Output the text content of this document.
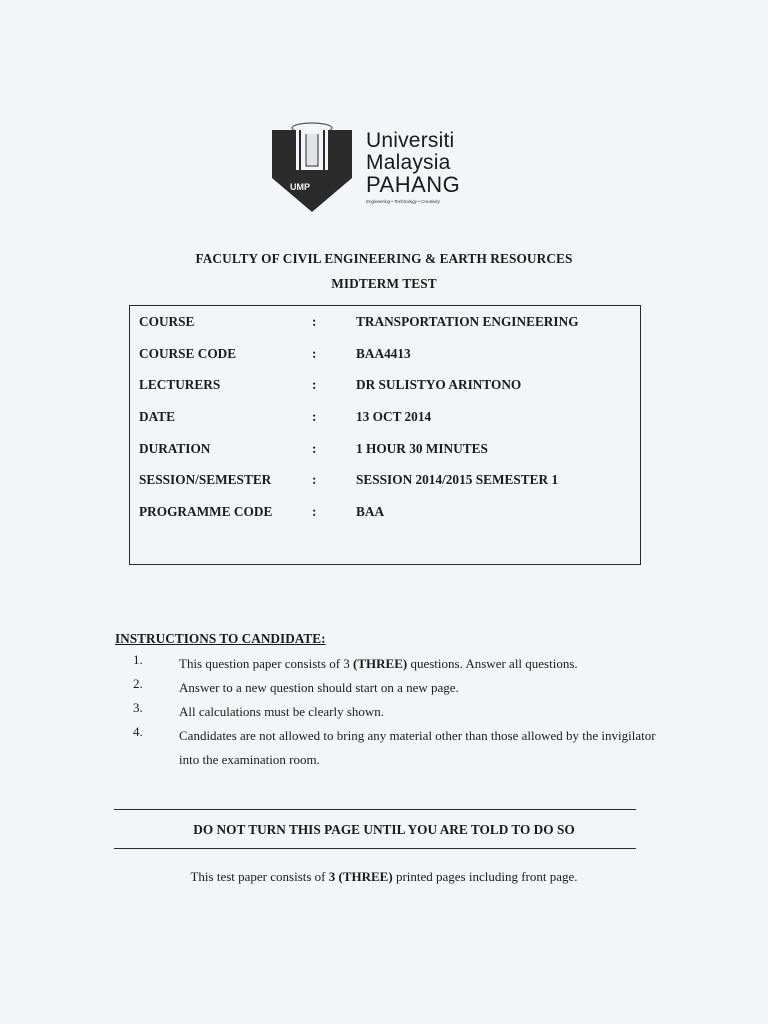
UMP
Universiti
Malaysia
PAHANG
Engineering • Technology • Creativity
FACULTY OF CIVIL ENGINEERING & EARTH RESOURCES
MIDTERM TEST
COURSE	:	TRANSPORTATION ENGINEERING
COURSE CODE	:	BAA4413
LECTURERS	:	DR SULISTYO ARINTONO
DATE	:	13 OCT 2014
DURATION	:	1 HOUR 30 MINUTES
SESSION/SEMESTER	:	SESSION 2014/2015 SEMESTER 1
PROGRAMME CODE	:	BAA
INSTRUCTIONS TO CANDIDATE:
1.	This question paper consists of 3 (THREE) questions. Answer all questions.
2.	Answer to a new question should start on a new page.
3.	All calculations must be clearly shown.
4.	Candidates are not allowed to bring any material other than those allowed by the invigilator into the examination room.
DO NOT TURN THIS PAGE UNTIL YOU ARE TOLD TO DO SO
This test paper consists of 3 (THREE) printed pages including front page.
